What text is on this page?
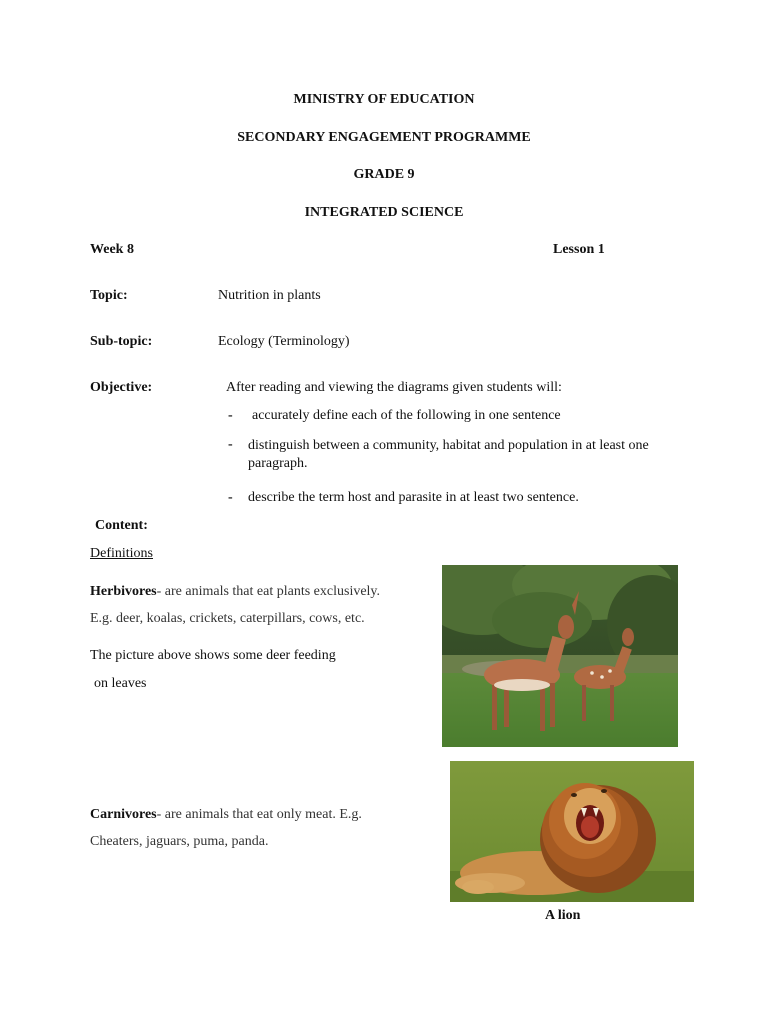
MINISTRY OF EDUCATION
SECONDARY ENGAGEMENT PROGRAMME
GRADE 9
INTEGRATED SCIENCE
Week 8	Lesson 1
Topic:	Nutrition in plants
Sub-topic:	Ecology (Terminology)
Objective:	After reading and viewing the diagrams given students will:
- accurately define each of the following in one sentence
- distinguish between a community, habitat and population in at least one paragraph.
- describe the term host and parasite in at least two sentence.
Content:
Definitions
Herbivores- are animals that eat plants exclusively.
E.g. deer, koalas, crickets, caterpillars, cows, etc.
The picture above shows some deer feeding
on leaves
Carnivores- are animals that eat only meat. E.g.
Cheaters, jaguars, puma, panda.
A lion
